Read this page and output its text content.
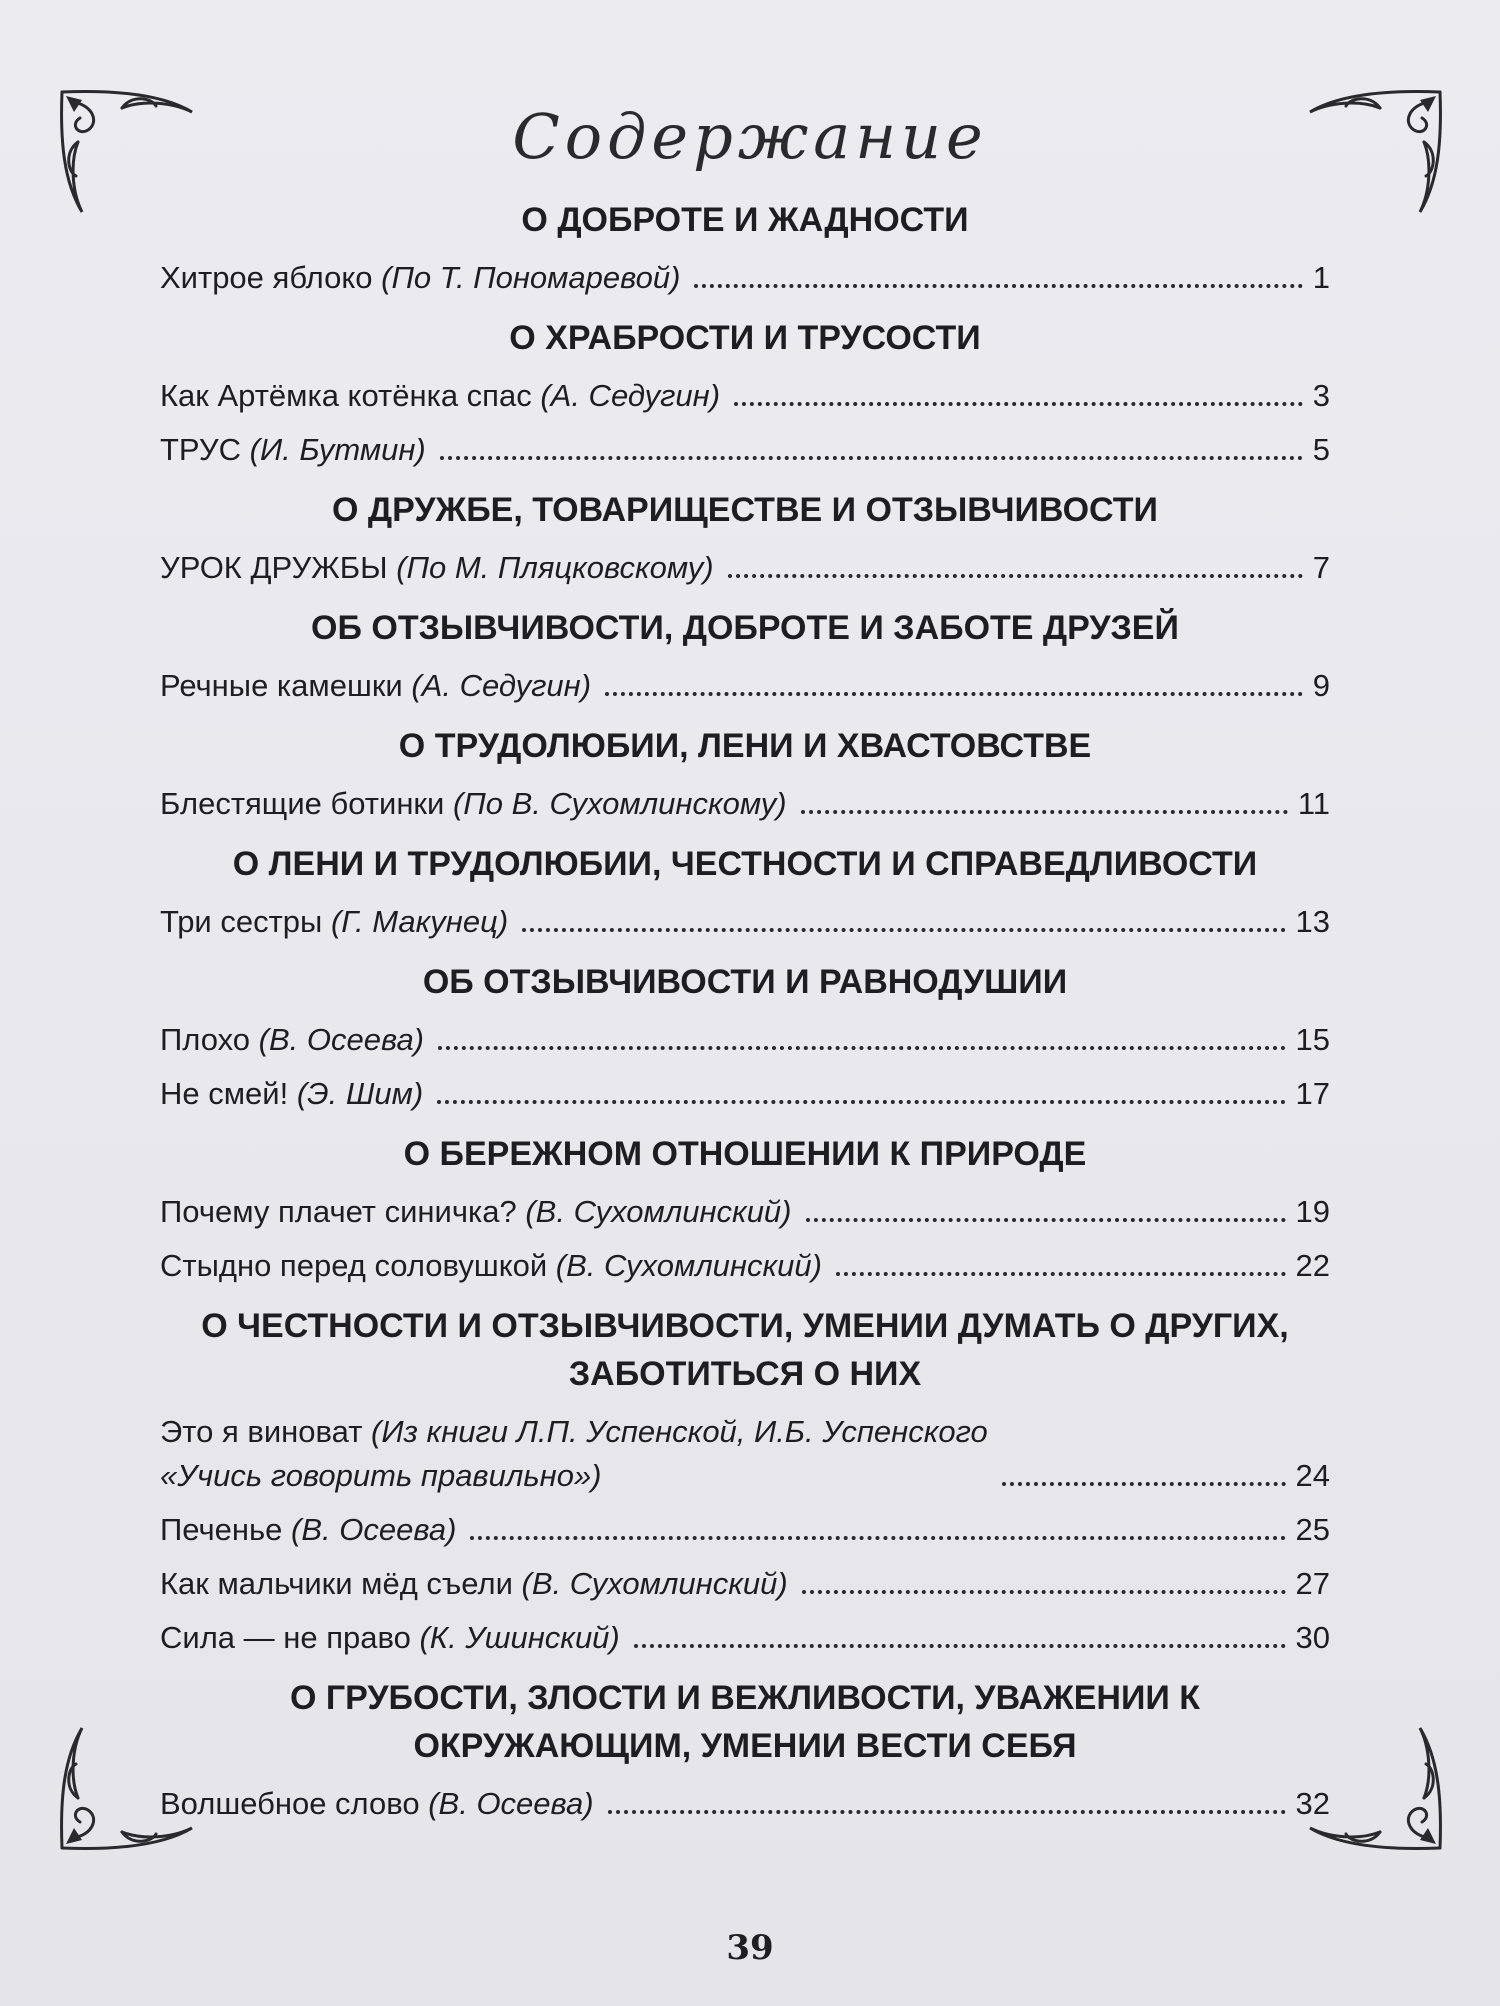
Содержание
О ДОБРОТЕ И ЖАДНОСТИ
Хитрое яблоко (По Т. Пономаревой)	1
О ХРАБРОСТИ И ТРУСОСТИ
Как Артёмка котёнка спас (А. Седугин)	3
ТРУС (И. Бутмин)	5
О ДРУЖБЕ, ТОВАРИЩЕСТВЕ И ОТЗЫВЧИВОСТИ
УРОК ДРУЖБЫ (По М. Пляцковскому)	7
ОБ ОТЗЫВЧИВОСТИ, ДОБРОТЕ И ЗАБОТЕ ДРУЗЕЙ
Речные камешки (А. Седугин)	9
О ТРУДОЛЮБИИ, ЛЕНИ И ХВАСТОВСТВЕ
Блестящие ботинки (По В. Сухомлинскому)	11
О ЛЕНИ И ТРУДОЛЮБИИ, ЧЕСТНОСТИ И СПРАВЕДЛИВОСТИ
Три сестры (Г. Макунец)	13
ОБ ОТЗЫВЧИВОСТИ И РАВНОДУШИИ
Плохо (В. Осеева)	15
Не смей! (Э. Шим)	17
О БЕРЕЖНОМ ОТНОШЕНИИ К ПРИРОДЕ
Почему плачет синичка? (В. Сухомлинский)	19
Стыдно перед соловушкой (В. Сухомлинский)	22
О ЧЕСТНОСТИ И ОТЗЫВЧИВОСТИ, УМЕНИИ ДУМАТЬ О ДРУГИХ, ЗАБОТИТЬСЯ О НИХ
Это я виноват (Из книги Л.П. Успенской, И.Б. Успенского
«Учись говорить правильно»)	24
Печенье (В. Осеева)	25
Как мальчики мёд съели (В. Сухомлинский)	27
Сила — не право (К. Ушинский)	30
О ГРУБОСТИ, ЗЛОСТИ И ВЕЖЛИВОСТИ, УВАЖЕНИИ К ОКРУЖАЮЩИМ, УМЕНИИ ВЕСТИ СЕБЯ
Волшебное слово (В. Осеева)	32
39
